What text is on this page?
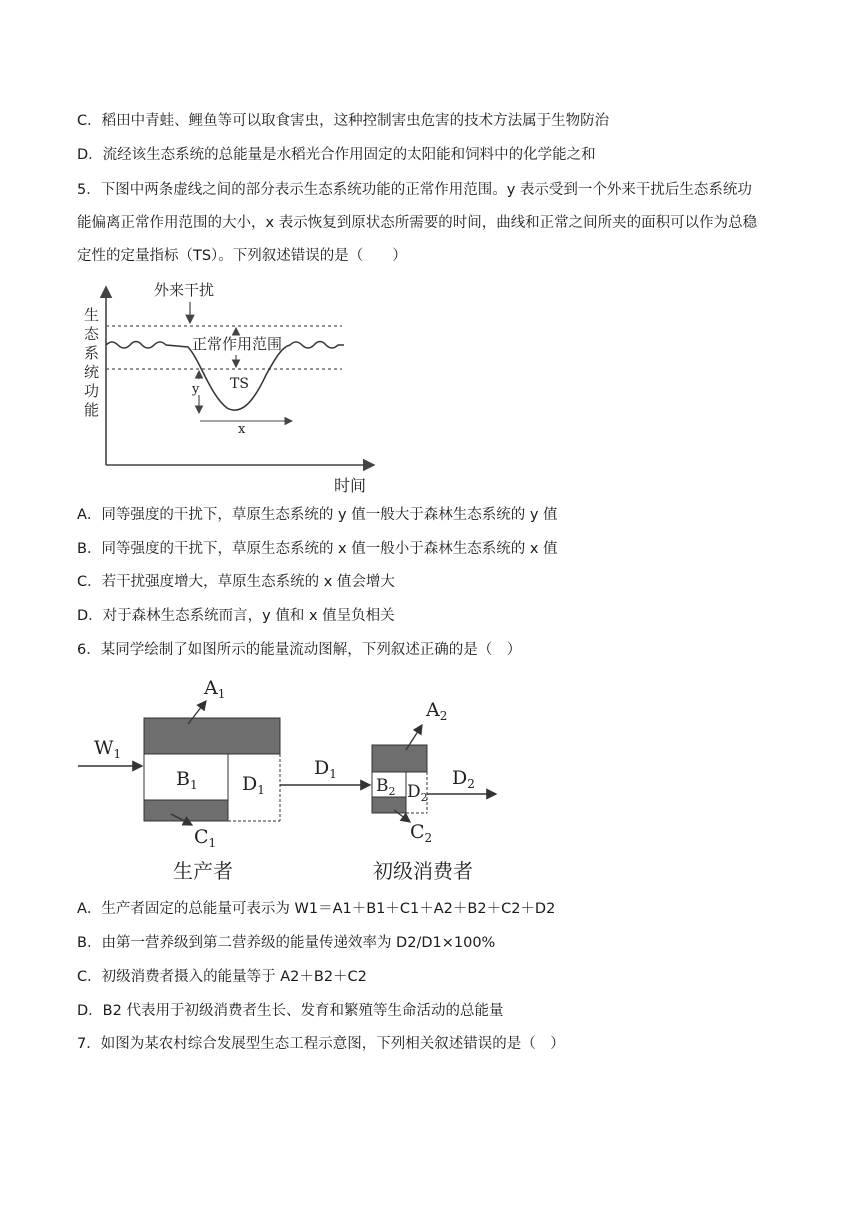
C．稻田中青蛙、鲤鱼等可以取食害虫，这种控制害虫危害的技术方法属于生物防治
D．流经该生态系统的总能量是水稻光合作用固定的太阳能和饲料中的化学能之和
5．下图中两条虚线之间的部分表示生态系统功能的正常作用范围。y 表示受到一个外来干扰后生态系统功
能偏离正常作用范围的大小，x 表示恢复到原状态所需要的时间，曲线和正常之间所夹的面积可以作为总稳
定性的定量指标（TS）。下列叙述错误的是（　　）
生
态
系
统
功
能
时间
外来干扰
正常作用范围
TS
y
x
A．同等强度的干扰下，草原生态系统的 y 值一般大于森林生态系统的 y 值
B．同等强度的干扰下，草原生态系统的 x 值一般小于森林生态系统的 x 值
C．若干扰强度增大，草原生态系统的 x 值会增大
D．对于森林生态系统而言，y 值和 x 值呈负相关
6．某同学绘制了如图所示的能量流动图解，下列叙述正确的是（　）
$W_1$
$B_1$ $D_1$
$A_1$
$C_1$
$D_1$
$B_2$ $D_2$
$A_2$
$C_2$
$D_2$
生产者	初级消费者
A．生产者固定的总能量可表示为 W1＝A1＋B1＋C1＋A2＋B2＋C2＋D2
B．由第一营养级到第二营养级的能量传递效率为 D2/D1×100%
C．初级消费者摄入的能量等于 A2＋B2＋C2
D．B2 代表用于初级消费者生长、发育和繁殖等生命活动的总能量
7．如图为某农村综合发展型生态工程示意图，下列相关叙述错误的是（　）
